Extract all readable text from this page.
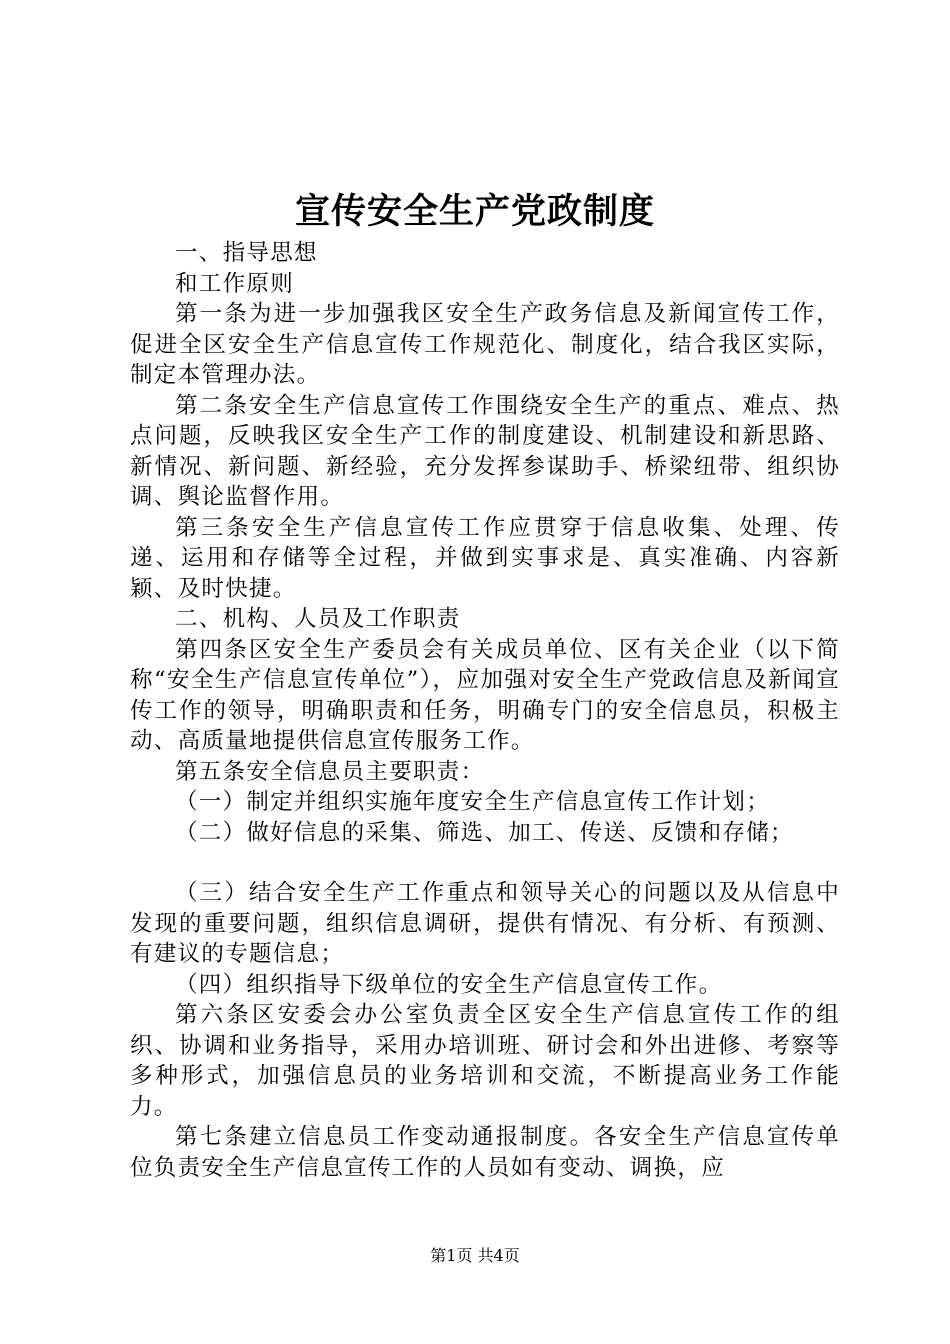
宣传安全生产党政制度

一、指导思想

和工作原则

第一条为进一步加强我区安全生产政务信息及新闻宣传工作，促进全区安全生产信息宣传工作规范化、制度化，结合我区实际，制定本管理办法。

第二条安全生产信息宣传工作围绕安全生产的重点、难点、热点问题，反映我区安全生产工作的制度建设、机制建设和新思路、新情况、新问题、新经验，充分发挥参谋助手、桥梁纽带、组织协调、舆论监督作用。

第三条安全生产信息宣传工作应贯穿于信息收集、处理、传递、运用和存储等全过程，并做到实事求是、真实准确、内容新颖、及时快捷。

二、机构、人员及工作职责

第四条区安全生产委员会有关成员单位、区有关企业（以下简称“安全生产信息宣传单位”），应加强对安全生产党政信息及新闻宣传工作的领导，明确职责和任务，明确专门的安全信息员，积极主动、高质量地提供信息宣传服务工作。

第五条安全信息员主要职责：

（一）制定并组织实施年度安全生产信息宣传工作计划；

（二）做好信息的采集、筛选、加工、传送、反馈和存储；

（三）结合安全生产工作重点和领导关心的问题以及从信息中发现的重要问题，组织信息调研，提供有情况、有分析、有预测、有建议的专题信息；

（四）组织指导下级单位的安全生产信息宣传工作。

第六条区安委会办公室负责全区安全生产信息宣传工作的组织、协调和业务指导，采用办培训班、研讨会和外出进修、考察等多种形式，加强信息员的业务培训和交流，不断提高业务工作能力。

第七条建立信息员工作变动通报制度。各安全生产信息宣传单位负责安全生产信息宣传工作的人员如有变动、调换，应

第1页 共4页
